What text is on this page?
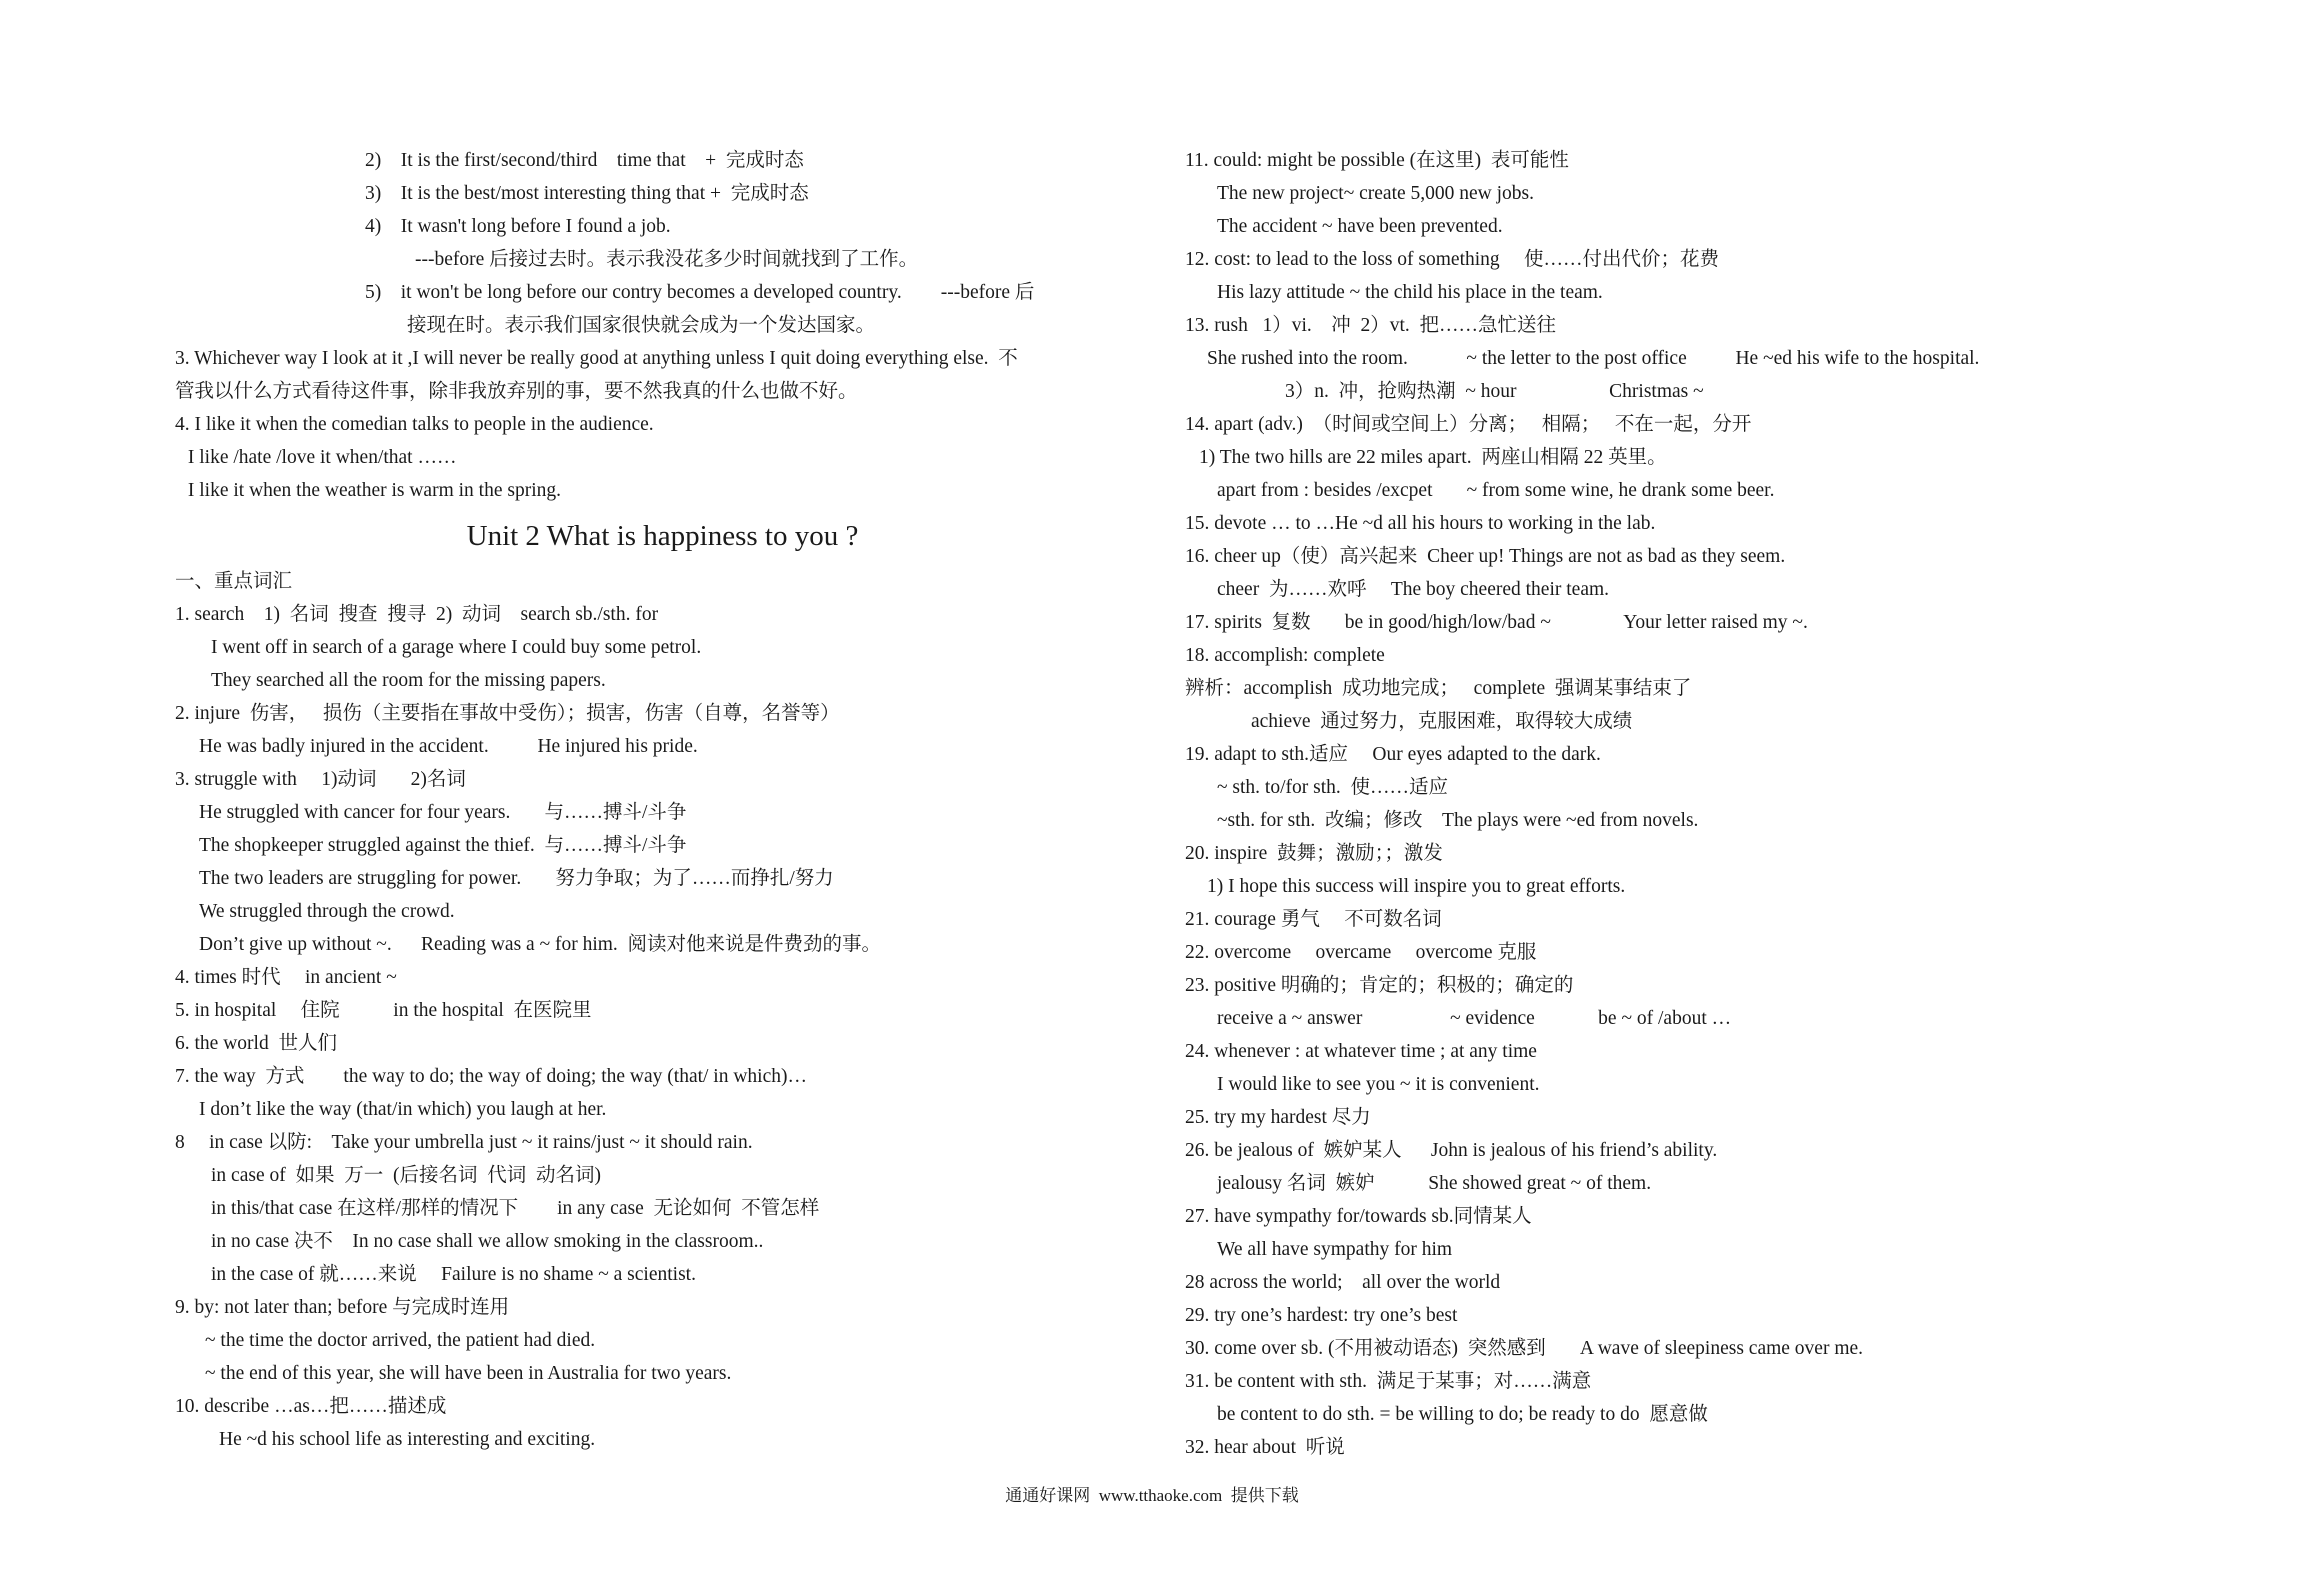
2)    It is the first/second/third    time that    +  完成时态
3)    It is the best/most interesting thing that +  完成时态
4)    It wasn't long before I found a job.
---before 后接过去时。表示我没花多少时间就找到了工作。
5)    it won't be long before our contry becomes a developed country.        ---before 后
接现在时。表示我们国家很快就会成为一个发达国家。
3. Whichever way I look at it ,I will never be really good at anything unless I quit doing everything else.  不
管我以什么方式看待这件事，除非我放弃别的事，要不然我真的什么也做不好。
4. I like it when the comedian talks to people in the audience.
I like /hate /love it when/that ……
I like it when the weather is warm in the spring.
Unit 2 What is happiness to you ?
一、重点词汇
1. search    1)  名词  搜查  搜寻  2)  动词    search sb./sth. for
I went off in search of a garage where I could buy some petrol.
They searched all the room for the missing papers.
2. injure  伤害，   损伤（主要指在事故中受伤）；损害，伤害（自尊，名誉等）
He was badly injured in the accident.          He injured his pride.
3. struggle with     1)动词       2)名词
He struggled with cancer for four years.       与……搏斗/斗争
The shopkeeper struggled against the thief.  与……搏斗/斗争
The two leaders are struggling for power.       努力争取；为了……而挣扎/努力
We struggled through the crowd.
Don’t give up without ~.      Reading was a ~ for him.  阅读对他来说是件费劲的事。
4. times 时代     in ancient ~
5. in hospital     住院           in the hospital  在医院里
6. the world  世人们
7. the way  方式        the way to do; the way of doing; the way (that/ in which)…
I don’t like the way (that/in which) you laugh at her.
8     in case 以防:    Take your umbrella just ~ it rains/just ~ it should rain.
in case of  如果  万一  (后接名词  代词  动名词)
in this/that case 在这样/那样的情况下        in any case  无论如何  不管怎样
in no case 决不    In no case shall we allow smoking in the classroom..
in the case of 就……来说     Failure is no shame ~ a scientist.
9. by: not later than; before 与完成时连用
~ the time the doctor arrived, the patient had died.
~ the end of this year, she will have been in Australia for two years.
10. describe …as…把……描述成
He ~d his school life as interesting and exciting.
11. could: might be possible (在这里)  表可能性
The new project~ create 5,000 new jobs.
The accident ~ have been prevented.
12. cost: to lead to the loss of something     使……付出代价；花费
His lazy attitude ~ the child his place in the team.
13. rush   1）vi.    冲  2）vt.  把……急忙送往
She rushed into the room.            ~ the letter to the post office          He ~ed his wife to the hospital.
3）n.  冲，抢购热潮  ~ hour                   Christmas ~
14. apart (adv.)  （时间或空间上）分离；   相隔；   不在一起，分开
1) The two hills are 22 miles apart.  两座山相隔 22 英里。
apart from : besides /excpet       ~ from some wine, he drank some beer.
15. devote … to …He ~d all his hours to working in the lab.
16. cheer up（使）高兴起来  Cheer up! Things are not as bad as they seem.
cheer  为……欢呼     The boy cheered their team.
17. spirits  复数       be in good/high/low/bad ~               Your letter raised my ~.
18. accomplish: complete
辨析：accomplish  成功地完成；   complete  强调某事结束了
achieve  通过努力，克服困难，取得较大成绩
19. adapt to sth.适应     Our eyes adapted to the dark.
~ sth. to/for sth.  使……适应
~sth. for sth.  改编；修改    The plays were ~ed from novels.
20. inspire  鼓舞；激励；；激发
1) I hope this success will inspire you to great efforts.
21. courage 勇气     不可数名词
22. overcome     overcame     overcome 克服
23. positive 明确的；肯定的；积极的；确定的
receive a ~ answer                  ~ evidence             be ~ of /about …
24. whenever : at whatever time ; at any time
I would like to see you ~ it is convenient.
25. try my hardest 尽力
26. be jealous of  嫉妒某人      John is jealous of his friend’s ability.
jealousy 名词  嫉妒           She showed great ~ of them.
27. have sympathy for/towards sb.同情某人
We all have sympathy for him
28 across the world;    all over the world
29. try one’s hardest: try one’s best
30. come over sb. (不用被动语态)  突然感到       A wave of sleepiness came over me.
31. be content with sth.  满足于某事；对……满意
be content to do sth. = be willing to do; be ready to do  愿意做
32. hear about  听说
通通好课网  www.tthaoke.com  提供下载
